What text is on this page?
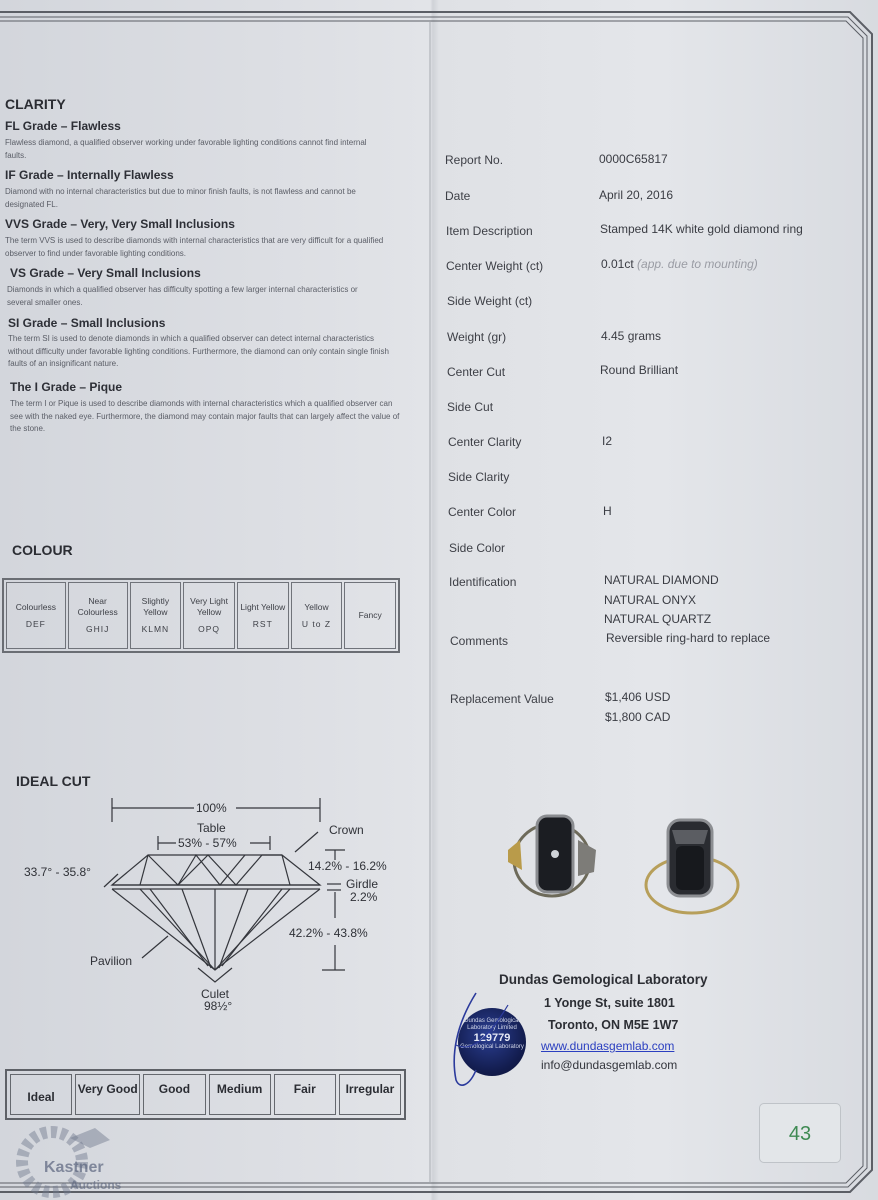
CLARITY
FL Grade – Flawless
Flawless diamond, a qualified observer working under favorable lighting conditions cannot find internal faults.
IF Grade – Internally Flawless
Diamond with no internal characteristics but due to minor finish faults, is not flawless and cannot be designated FL.
VVS Grade – Very, Very Small Inclusions
The term VVS is used to describe diamonds with internal characteristics that are very difficult for a qualified observer to find under favorable lighting conditions.
VS Grade – Very Small Inclusions
Diamonds in which a qualified observer has difficulty spotting a few larger internal characteristics or several smaller ones.
SI Grade – Small Inclusions
The term SI is used to denote diamonds in which a qualified observer can detect internal characteristics without difficulty under favorable lighting conditions. Furthermore, the diamond can only contain single finish faults of an insignificant nature.
The I Grade – Pique
The term I or Pique is used to describe diamonds with internal characteristics which a qualified observer can see with the naked eye. Furthermore, the diamond may contain major faults that can largely affect the value of the stone.
COLOUR
Colourless
DEF
Near Colourless
GHIJ
Slightly Yellow
KLMN
Very Light Yellow
OPQ
Light Yellow
RST
Yellow
U to Z
Fancy
IDEAL CUT
100%
Table
53% - 57%
Crown
33.7° - 35.8°	14.2% - 16.2%
Girdle
2.2%
42.2% - 43.8%
Pavilion
Culet
98½°
Ideal
Very Good	Good	Medium	Fair	Irregular
Report No.	0000C65817
Date	April 20, 2016
Item Description	Stamped 14K white gold diamond ring
Center Weight (ct)	0.01ct (app. due to mounting)
Side Weight (ct)
Weight (gr)	4.45 grams
Center Cut	Round Brilliant
Side Cut
Center Clarity	I2
Side Clarity
Center Color	H
Side Color
Identification	NATURAL DIAMOND
NATURAL ONYX
NATURAL QUARTZ
Comments	Reversible ring-hard to replace
Replacement Value	$1,406 USD
$1,800 CAD
Dundas Gemological Laboratory
1 Yonge St, suite 1801
Toronto, ON M5E 1W7
www.dundasgemlab.com
info@dundasgemlab.com
Dundas Gemological Laboratory Limited
129779
Gemological Laboratory
43
Kastner
Auctions
